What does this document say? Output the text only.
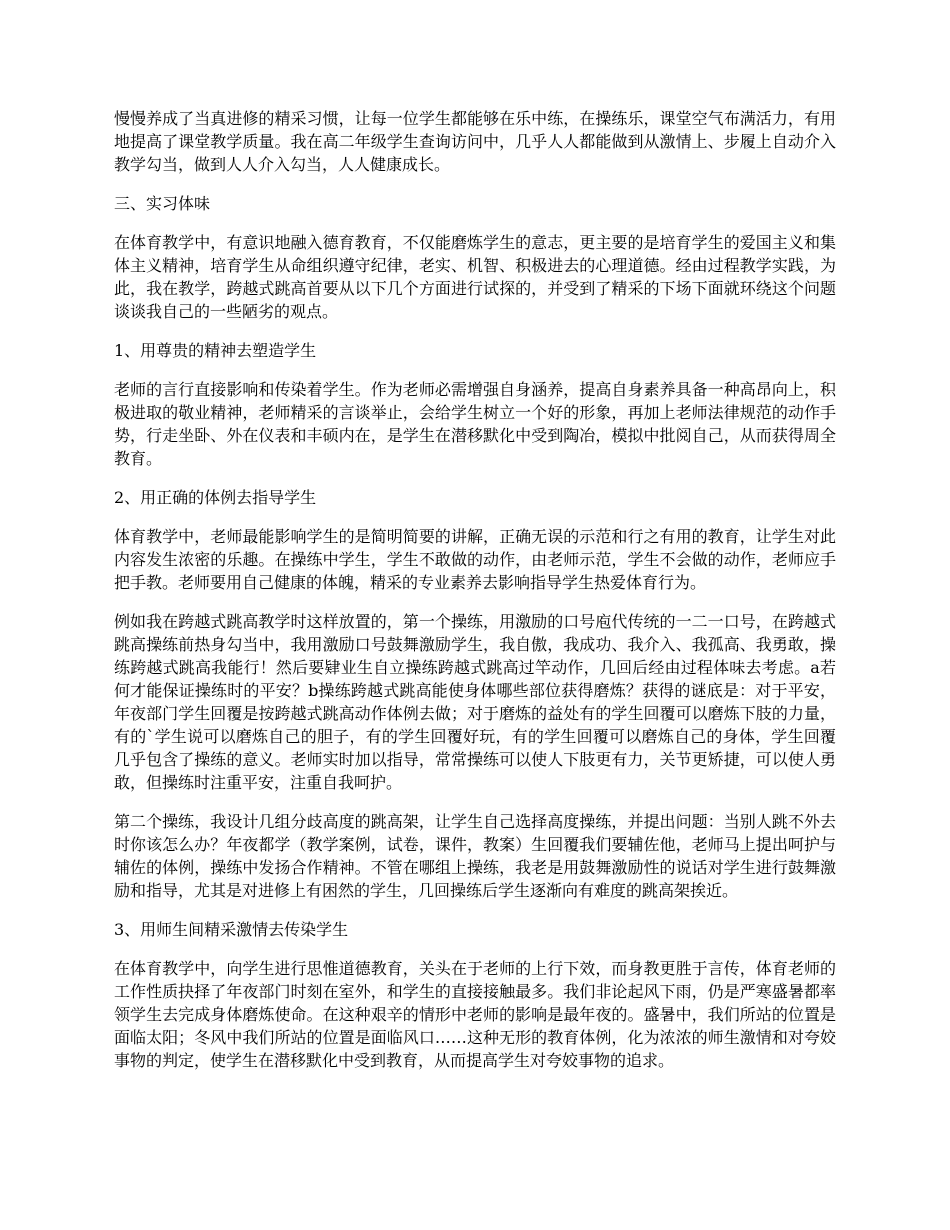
慢慢养成了当真进修的精采习惯，让每一位学生都能够在乐中练，在操练乐，课堂空气布满活力，有用地提高了课堂教学质量。我在高二年级学生查询访问中，几乎人人都能做到从激情上、步履上自动介入教学勾当，做到人人介入勾当，人人健康成长。

三、实习体味

在体育教学中，有意识地融入德育教育，不仅能磨炼学生的意志，更主要的是培育学生的爱国主义和集体主义精神，培育学生从命组织遵守纪律，老实、机智、积极进去的心理道德。经由过程教学实践，为此，我在教学，跨越式跳高首要从以下几个方面进行试探的，并受到了精采的下场下面就环绕这个问题谈谈我自己的一些陋劣的观点。

1、用尊贵的精神去塑造学生

老师的言行直接影响和传染着学生。作为老师必需增强自身涵养，提高自身素养具备一种高昂向上，积极进取的敬业精神，老师精采的言谈举止，会给学生树立一个好的形象，再加上老师法律规范的动作手势，行走坐卧、外在仪表和丰硕内在，是学生在潜移默化中受到陶冶，模拟中批阅自己，从而获得周全教育。

2、用正确的体例去指导学生

体育教学中，老师最能影响学生的是简明简要的讲解，正确无误的示范和行之有用的教育，让学生对此内容发生浓密的乐趣。在操练中学生，学生不敢做的动作，由老师示范，学生不会做的动作，老师应手把手教。老师要用自己健康的体魄，精采的专业素养去影响指导学生热爱体育行为。

例如我在跨越式跳高教学时这样放置的，第一个操练，用激励的口号庖代传统的一二一口号，在跨越式跳高操练前热身勾当中，我用激励口号鼓舞激励学生，我自傲，我成功、我介入、我孤高、我勇敢，操练跨越式跳高我能行！然后要肄业生自立操练跨越式跳高过竿动作，几回后经由过程体味去考虑。a若何才能保证操练时的平安？b操练跨越式跳高能使身体哪些部位获得磨炼？获得的谜底是：对于平安，年夜部门学生回覆是按跨越式跳高动作体例去做；对于磨炼的益处有的学生回覆可以磨炼下肢的力量，有的`学生说可以磨炼自己的胆子，有的学生回覆好玩，有的学生回覆可以磨炼自己的身体，学生回覆几乎包含了操练的意义。老师实时加以指导，常常操练可以使人下肢更有力，关节更矫捷，可以使人勇敢，但操练时注重平安，注重自我呵护。

第二个操练，我设计几组分歧高度的跳高架，让学生自己选择高度操练，并提出问题：当别人跳不外去时你该怎么办？年夜都学（教学案例，试卷，课件，教案）生回覆我们要辅佐他，老师马上提出呵护与辅佐的体例，操练中发扬合作精神。不管在哪组上操练，我老是用鼓舞激励性的说话对学生进行鼓舞激励和指导，尤其是对进修上有困然的学生，几回操练后学生逐渐向有难度的跳高架挨近。

3、用师生间精采激情去传染学生

在体育教学中，向学生进行思惟道德教育，关头在于老师的上行下效，而身教更胜于言传，体育老师的工作性质抉择了年夜部门时刻在室外，和学生的直接接触最多。我们非论起风下雨，仍是严寒盛暑都率领学生去完成身体磨炼使命。在这种艰辛的情形中老师的影响是最年夜的。盛暑中，我们所站的位置是面临太阳；冬风中我们所站的位置是面临风口……这种无形的教育体例，化为浓浓的师生激情和对夸姣事物的判定，使学生在潜移默化中受到教育，从而提高学生对夸姣事物的追求。
